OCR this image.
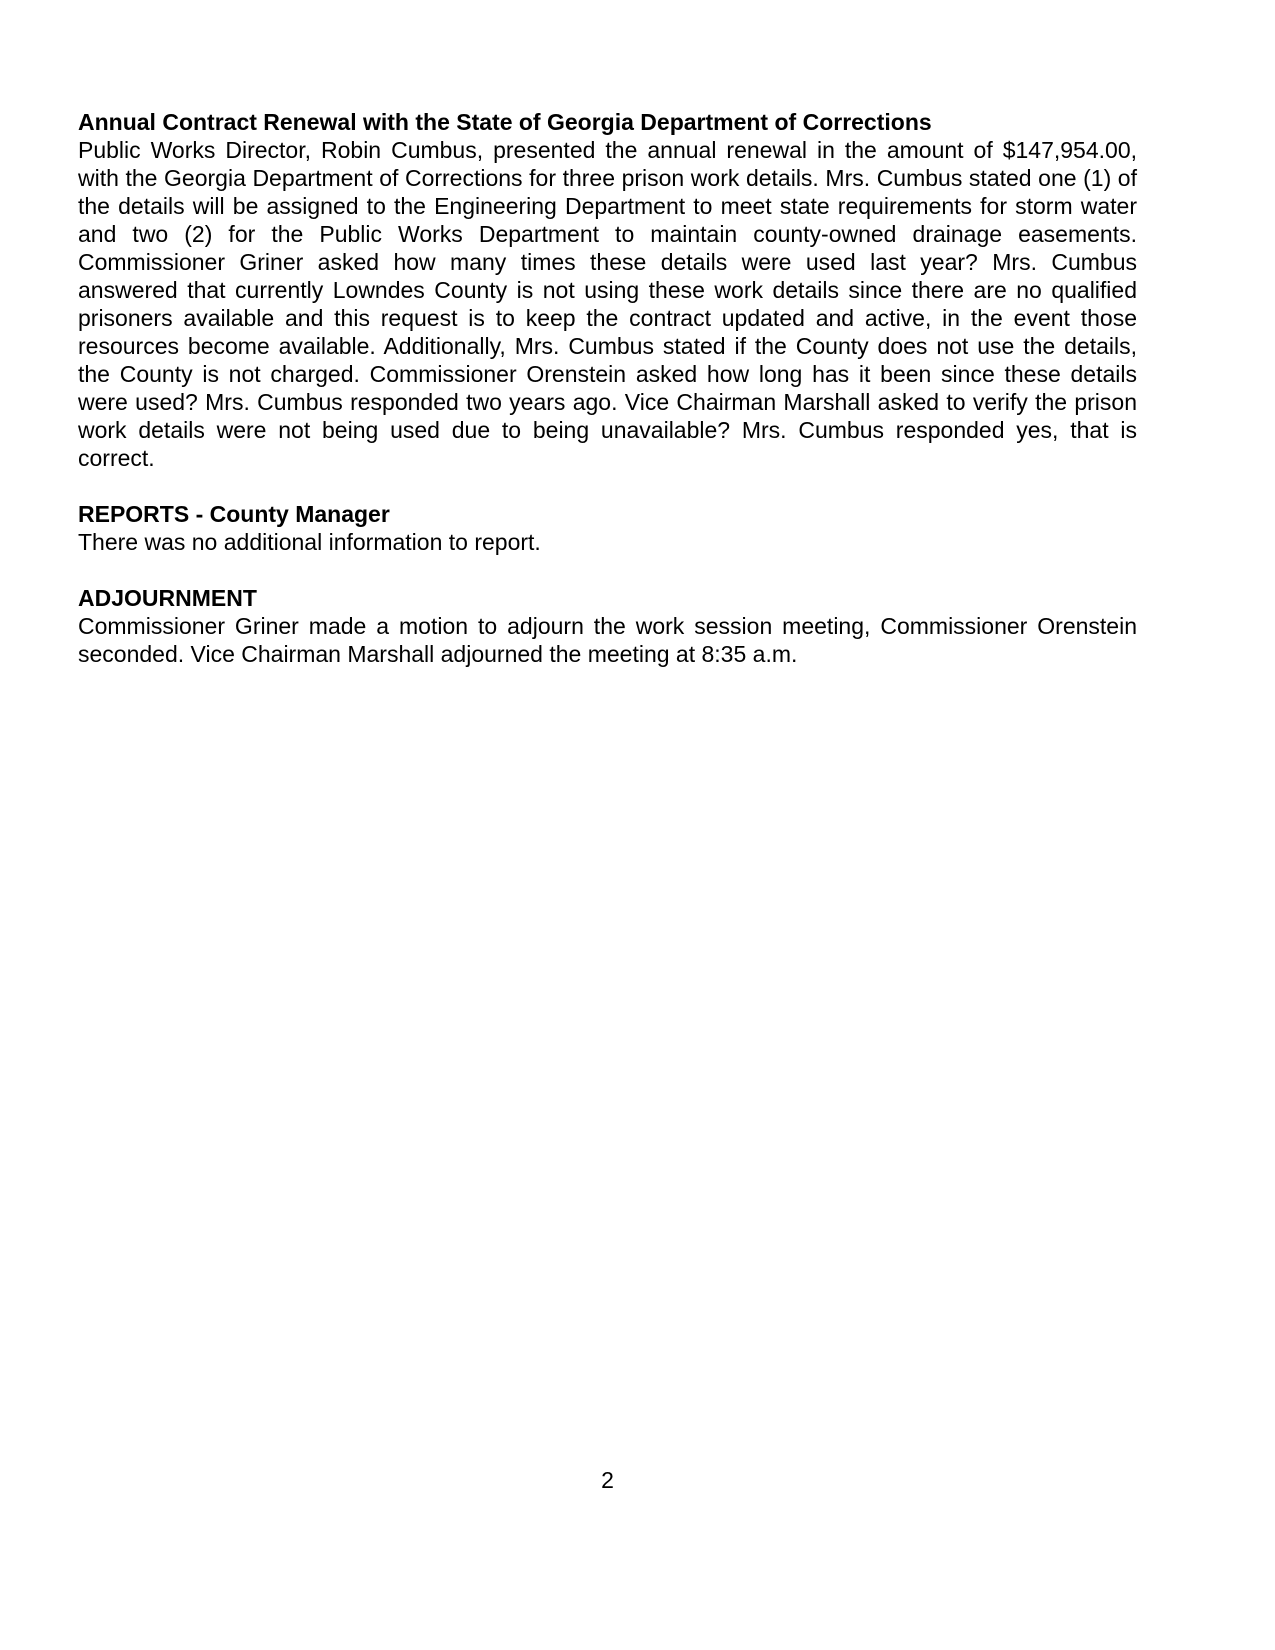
Annual Contract Renewal with the State of Georgia Department of Corrections

Public Works Director, Robin Cumbus, presented the annual renewal in the amount of $147,954.00, with the Georgia Department of Corrections for three prison work details. Mrs. Cumbus stated one (1) of the details will be assigned to the Engineering Department to meet state requirements for storm water and two (2) for the Public Works Department to maintain county-owned drainage easements. Commissioner Griner asked how many times these details were used last year? Mrs. Cumbus answered that currently Lowndes County is not using these work details since there are no qualified prisoners available and this request is to keep the contract updated and active, in the event those resources become available. Additionally, Mrs. Cumbus stated if the County does not use the details, the County is not charged. Commissioner Orenstein asked how long has it been since these details were used? Mrs. Cumbus responded two years ago. Vice Chairman Marshall asked to verify the prison work details were not being used due to being unavailable? Mrs. Cumbus responded yes, that is correct.

REPORTS - County Manager

There was no additional information to report.

ADJOURNMENT

Commissioner Griner made a motion to adjourn the work session meeting, Commissioner Orenstein seconded. Vice Chairman Marshall adjourned the meeting at 8:35 a.m.

2
